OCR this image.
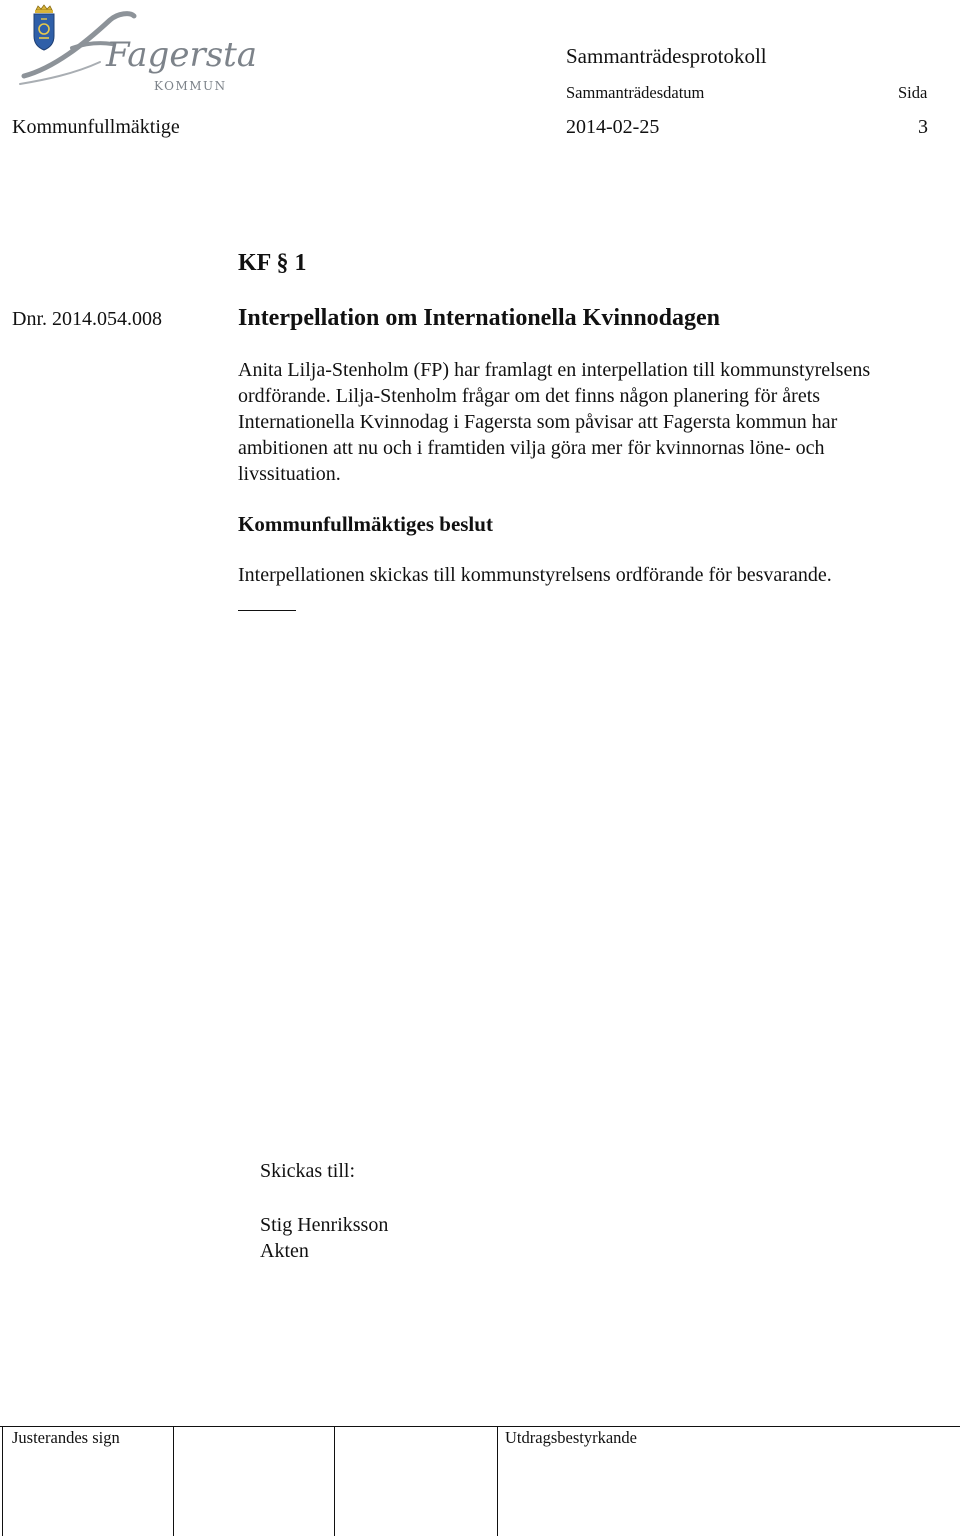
Fagersta
KOMMUN
Sammanträdesprotokoll
Sammanträdesdatum	Sida
Kommunfullmäktige	2014-02-25	3
KF § 1
Dnr. 2014.054.008	Interpellation om Internationella Kvinnodagen
Anita Lilja-Stenholm (FP) har framlagt en interpellation till kommunstyrelsens
ordförande. Lilja-Stenholm frågar om det finns någon planering för årets
Internationella Kvinnodag i Fagersta som påvisar att Fagersta kommun har
ambitionen att nu och i framtiden vilja göra mer för kvinnornas löne- och
livssituation.
Kommunfullmäktiges beslut
Interpellationen skickas till kommunstyrelsens ordförande för besvarande.
Skickas till:
Stig Henriksson
Akten
Justerandes sign	Utdragsbestyrkande
